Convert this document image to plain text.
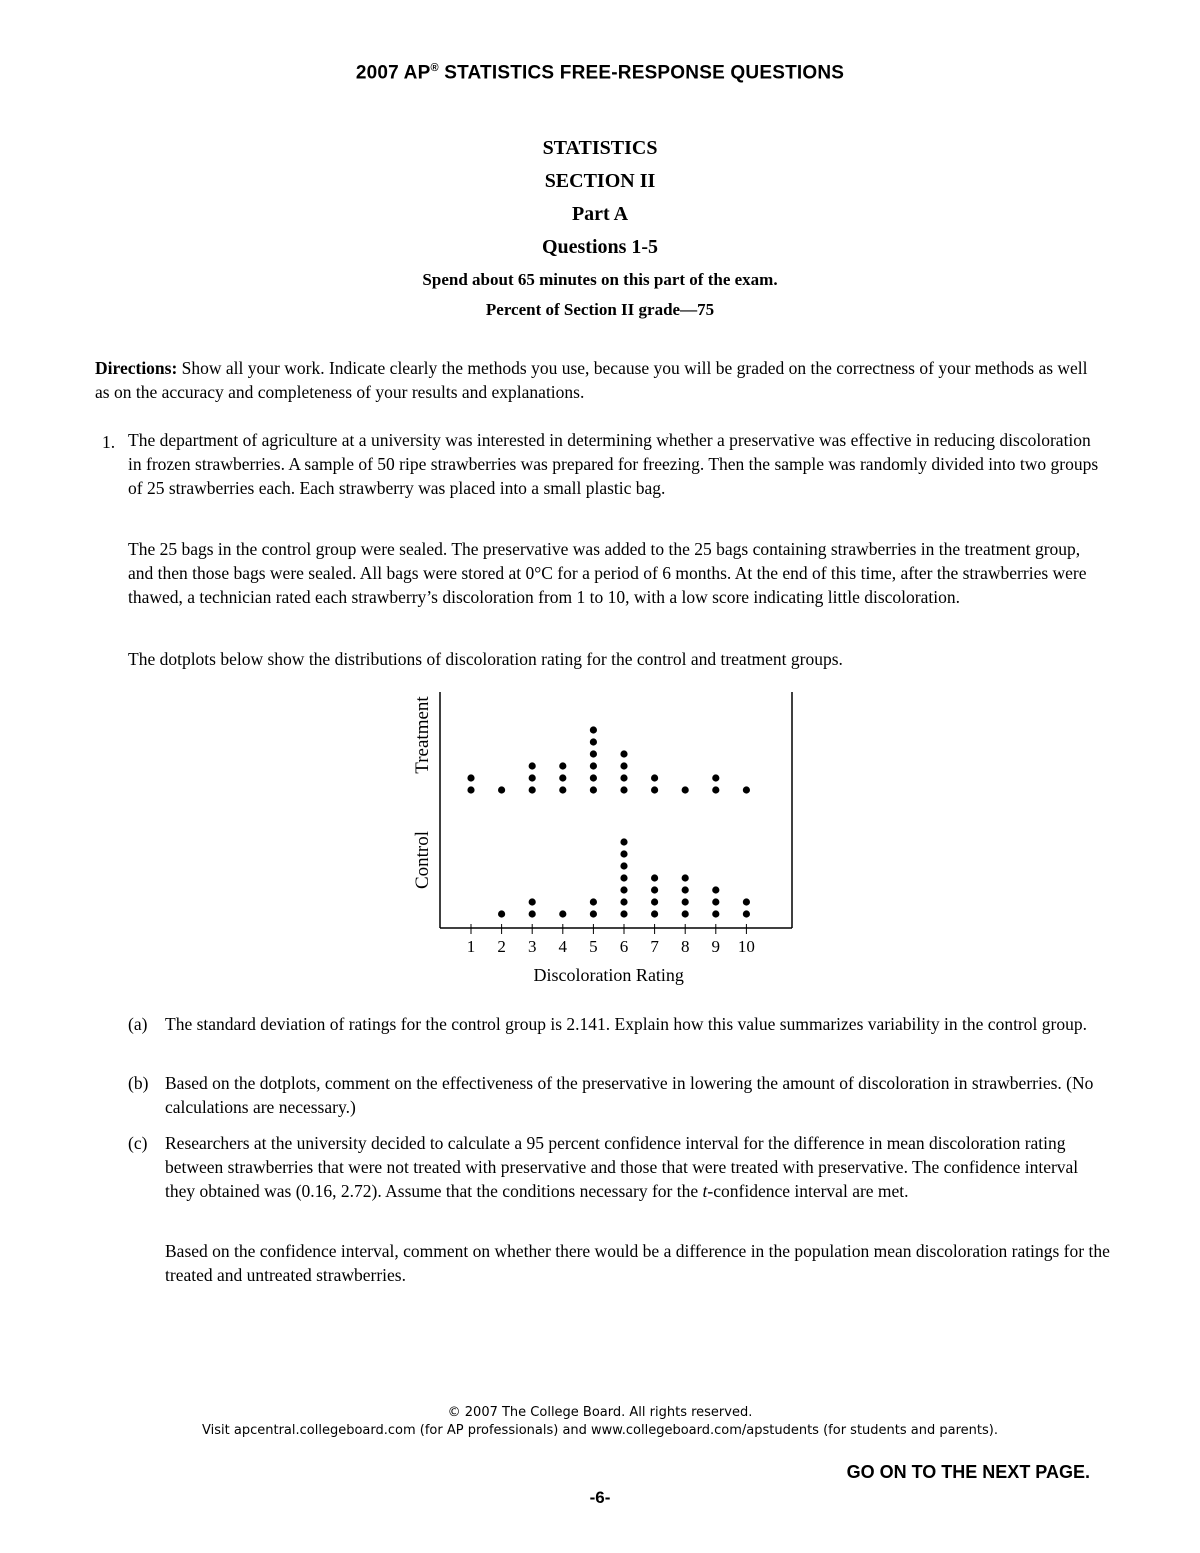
2007 AP® STATISTICS FREE-RESPONSE QUESTIONS
STATISTICS
SECTION II
Part A
Questions 1-5
Spend about 65 minutes on this part of the exam.
Percent of Section II grade—75
Directions: Show all your work. Indicate clearly the methods you use, because you will be graded on the correctness of your methods as well as on the accuracy and completeness of your results and explanations.
1. The department of agriculture at a university was interested in determining whether a preservative was effective in reducing discoloration in frozen strawberries. A sample of 50 ripe strawberries was prepared for freezing. Then the sample was randomly divided into two groups of 25 strawberries each. Each strawberry was placed into a small plastic bag.
The 25 bags in the control group were sealed. The preservative was added to the 25 bags containing strawberries in the treatment group, and then those bags were sealed. All bags were stored at 0°C for a period of 6 months. At the end of this time, after the strawberries were thawed, a technician rated each strawberry’s discoloration from 1 to 10, with a low score indicating little discoloration.
The dotplots below show the distributions of discoloration rating for the control and treatment groups.
1 2 3 4 5 6 7 8 9 10
Discoloration Rating
Treatment
Control
(a) The standard deviation of ratings for the control group is 2.141. Explain how this value summarizes variability in the control group.
(b) Based on the dotplots, comment on the effectiveness of the preservative in lowering the amount of discoloration in strawberries. (No calculations are necessary.)
(c) Researchers at the university decided to calculate a 95 percent confidence interval for the difference in mean discoloration rating between strawberries that were not treated with preservative and those that were treated with preservative. The confidence interval they obtained was (0.16, 2.72). Assume that the conditions necessary for the t-confidence interval are met.
Based on the confidence interval, comment on whether there would be a difference in the population mean discoloration ratings for the treated and untreated strawberries.
© 2007 The College Board. All rights reserved.
Visit apcentral.collegeboard.com (for AP professionals) and www.collegeboard.com/apstudents (for students and parents).
GO ON TO THE NEXT PAGE.
-6-
